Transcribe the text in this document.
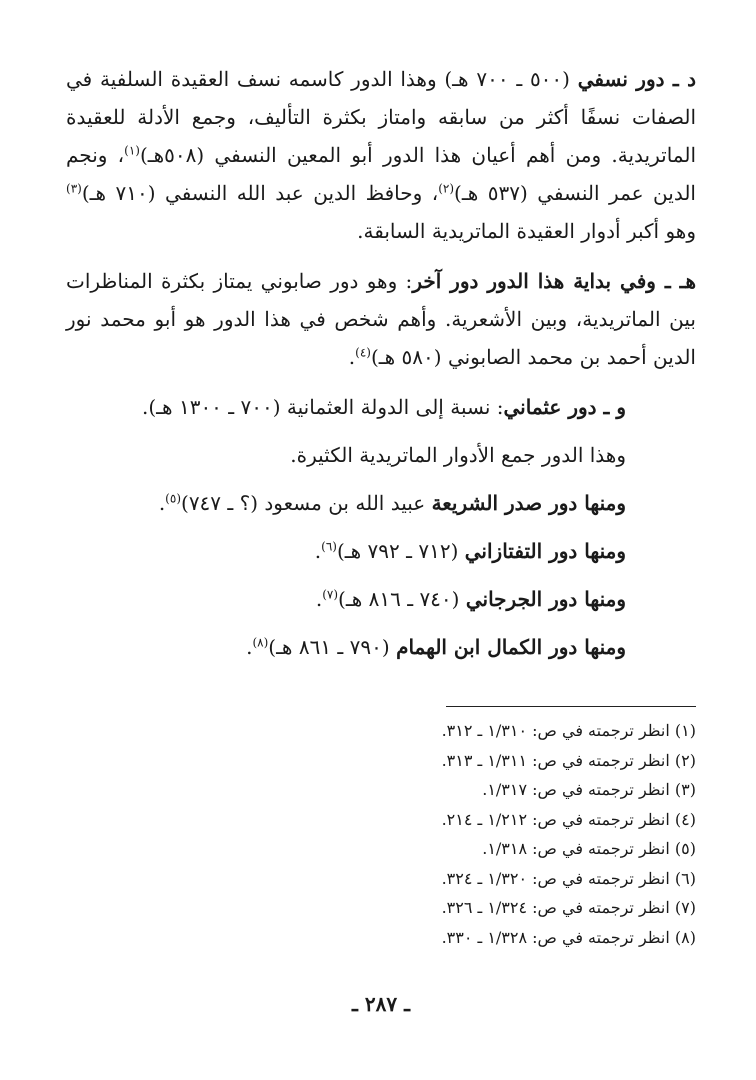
د ـ دور نسفي (٥٠٠ ـ ٧٠٠ هـ) وهذا الدور كاسمه نسف العقيدة السلفية في الصفات نسفًا أكثر من سابقه وامتاز بكثرة التأليف، وجمع الأدلة للعقيدة الماتريدية. ومن أهم أعيان هذا الدور أبو المعين النسفي (٥٠٨هـ)$^{(١)}$، ونجم الدين عمر النسفي (٥٣٧ هـ)$^{(٢)}$، وحافظ الدين عبد الله النسفي (٧١٠ هـ)$^{(٣)}$ وهو أكبر أدوار العقيدة الماتريدية السابقة.

هـ ـ وفي بداية هذا الدور دور آخر: وهو دور صابوني يمتاز بكثرة المناظرات بين الماتريدية، وبين الأشعرية. وأهم شخص في هذا الدور هو أبو محمد نور الدين أحمد بن محمد الصابوني (٥٨٠ هـ)$^{(٤)}$.

و ـ دور عثماني: نسبة إلى الدولة العثمانية (٧٠٠ ـ ١٣٠٠ هـ).

وهذا الدور جمع الأدوار الماتريدية الكثيرة.

ومنها دور صدر الشريعة عبيد الله بن مسعود (؟ ـ ٧٤٧)$^{(٥)}$.

ومنها دور التفتازاني (٧١٢ ـ ٧٩٢ هـ)$^{(٦)}$.

ومنها دور الجرجاني (٧٤٠ ـ ٨١٦ هـ)$^{(٧)}$.

ومنها دور الكمال ابن الهمام (٧٩٠ ـ ٨٦١ هـ)$^{(٨)}$.

(١) انظر ترجمته في ص: ١/٣١٠ ـ ٣١٢.
(٢) انظر ترجمته في ص: ١/٣١١ ـ ٣١٣.
(٣) انظر ترجمته في ص: ١/٣١٧.
(٤) انظر ترجمته في ص: ١/٢١٢ ـ ٢١٤.
(٥) انظر ترجمته في ص: ١/٣١٨.
(٦) انظر ترجمته في ص: ١/٣٢٠ ـ ٣٢٤.
(٧) انظر ترجمته في ص: ١/٣٢٤ ـ ٣٢٦.
(٨) انظر ترجمته في ص: ١/٣٢٨ ـ ٣٣٠.
ـ ٢٨٧ ـ
